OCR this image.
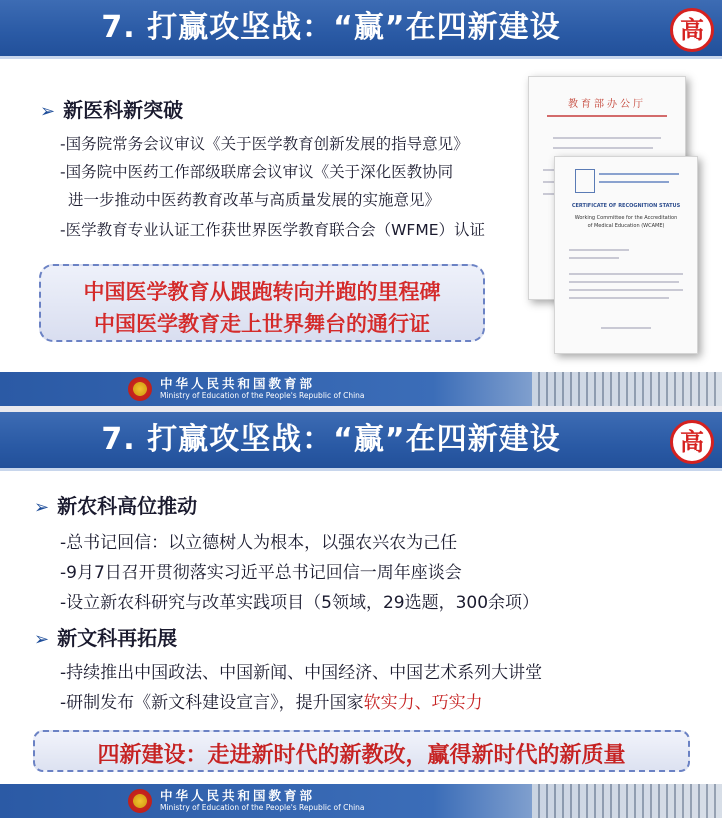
7. 打赢攻坚战：“赢”在四新建设	高
➢ 新医科新突破
-国务院常务会议审议《关于医学教育创新发展的指导意见》
-国务院中医药工作部级联席会议审议《关于深化医教协同
进一步推动中医药教育改革与高质量发展的实施意见》
-医学教育专业认证工作获世界医学教育联合会（WFME）认证
中国医学教育从跟跑转向并跑的里程碑
中国医学教育走上世界舞台的通行证
教育部办公厅
CERTIFICATE OF RECOGNITION STATUS
Working Committee for the Accreditation
of Medical Education (WCAME)
中华人民共和国教育部
Ministry of Education of the People's Republic of China
7. 打赢攻坚战：“赢”在四新建设	高
➢ 新农科高位推动
-总书记回信：以立德树人为根本，以强农兴农为己任
-9月7日召开贯彻落实习近平总书记回信一周年座谈会
-设立新农科研究与改革实践项目（5领域，29选题，300余项）
➢ 新文科再拓展
-持续推出中国政法、中国新闻、中国经济、中国艺术系列大讲堂
-研制发布《新文科建设宣言》，提升国家软实力、巧实力
四新建设：走进新时代的新教改，赢得新时代的新质量
中华人民共和国教育部
Ministry of Education of the People's Republic of China
